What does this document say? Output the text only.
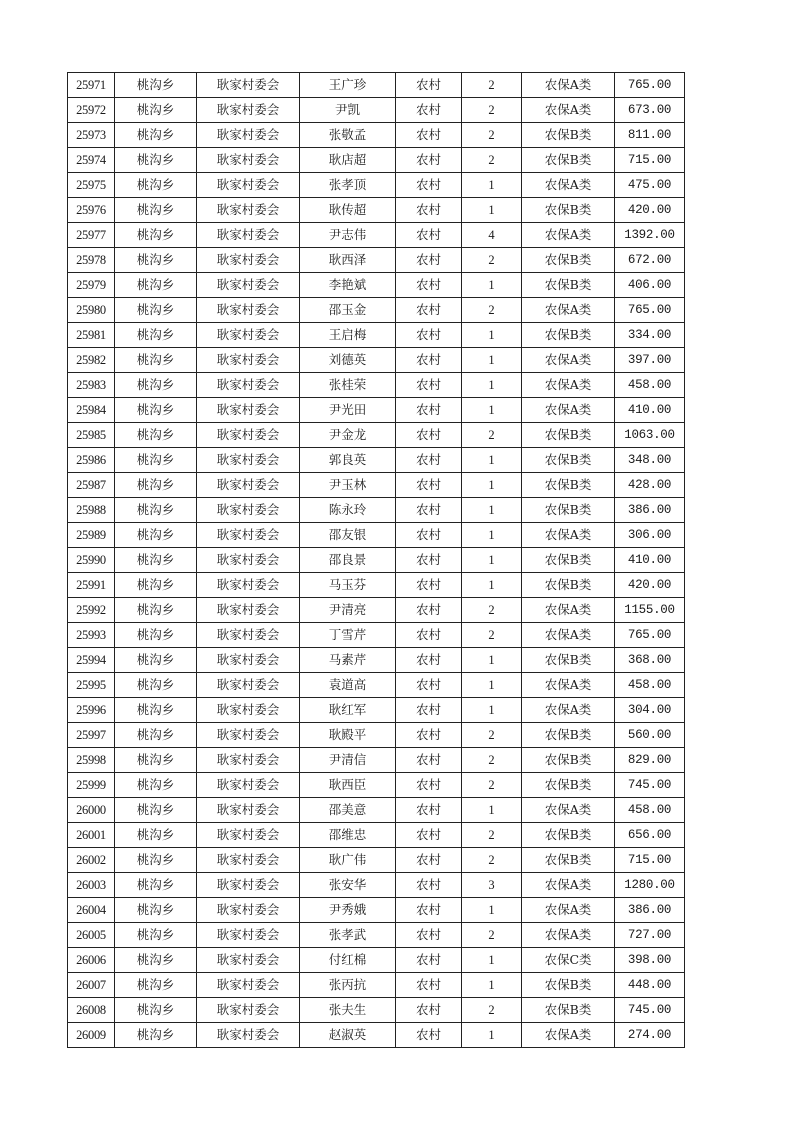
25971	桃沟乡	耿家村委会	王广珍	农村	2	农保A类	765.00
25972	桃沟乡	耿家村委会	尹凯	农村	2	农保A类	673.00
25973	桃沟乡	耿家村委会	张敬孟	农村	2	农保B类	811.00
25974	桃沟乡	耿家村委会	耿店超	农村	2	农保B类	715.00
25975	桃沟乡	耿家村委会	张孝顶	农村	1	农保A类	475.00
25976	桃沟乡	耿家村委会	耿传超	农村	1	农保B类	420.00
25977	桃沟乡	耿家村委会	尹志伟	农村	4	农保A类	1392.00
25978	桃沟乡	耿家村委会	耿西泽	农村	2	农保B类	672.00
25979	桃沟乡	耿家村委会	李艳斌	农村	1	农保B类	406.00
25980	桃沟乡	耿家村委会	邵玉金	农村	2	农保A类	765.00
25981	桃沟乡	耿家村委会	王启梅	农村	1	农保B类	334.00
25982	桃沟乡	耿家村委会	刘德英	农村	1	农保A类	397.00
25983	桃沟乡	耿家村委会	张桂荣	农村	1	农保A类	458.00
25984	桃沟乡	耿家村委会	尹光田	农村	1	农保A类	410.00
25985	桃沟乡	耿家村委会	尹金龙	农村	2	农保B类	1063.00
25986	桃沟乡	耿家村委会	郭良英	农村	1	农保B类	348.00
25987	桃沟乡	耿家村委会	尹玉林	农村	1	农保B类	428.00
25988	桃沟乡	耿家村委会	陈永玲	农村	1	农保B类	386.00
25989	桃沟乡	耿家村委会	邵友银	农村	1	农保A类	306.00
25990	桃沟乡	耿家村委会	邵良景	农村	1	农保B类	410.00
25991	桃沟乡	耿家村委会	马玉芬	农村	1	农保B类	420.00
25992	桃沟乡	耿家村委会	尹清亮	农村	2	农保A类	1155.00
25993	桃沟乡	耿家村委会	丁雪芹	农村	2	农保A类	765.00
25994	桃沟乡	耿家村委会	马素芹	农村	1	农保B类	368.00
25995	桃沟乡	耿家村委会	袁道高	农村	1	农保A类	458.00
25996	桃沟乡	耿家村委会	耿红军	农村	1	农保A类	304.00
25997	桃沟乡	耿家村委会	耿殿平	农村	2	农保B类	560.00
25998	桃沟乡	耿家村委会	尹清信	农村	2	农保B类	829.00
25999	桃沟乡	耿家村委会	耿西臣	农村	2	农保B类	745.00
26000	桃沟乡	耿家村委会	邵美意	农村	1	农保A类	458.00
26001	桃沟乡	耿家村委会	邵维忠	农村	2	农保B类	656.00
26002	桃沟乡	耿家村委会	耿广伟	农村	2	农保B类	715.00
26003	桃沟乡	耿家村委会	张安华	农村	3	农保A类	1280.00
26004	桃沟乡	耿家村委会	尹秀娥	农村	1	农保A类	386.00
26005	桃沟乡	耿家村委会	张孝武	农村	2	农保A类	727.00
26006	桃沟乡	耿家村委会	付红棉	农村	1	农保C类	398.00
26007	桃沟乡	耿家村委会	张丙抗	农村	1	农保B类	448.00
26008	桃沟乡	耿家村委会	张夫生	农村	2	农保B类	745.00
26009	桃沟乡	耿家村委会	赵淑英	农村	1	农保A类	274.00
